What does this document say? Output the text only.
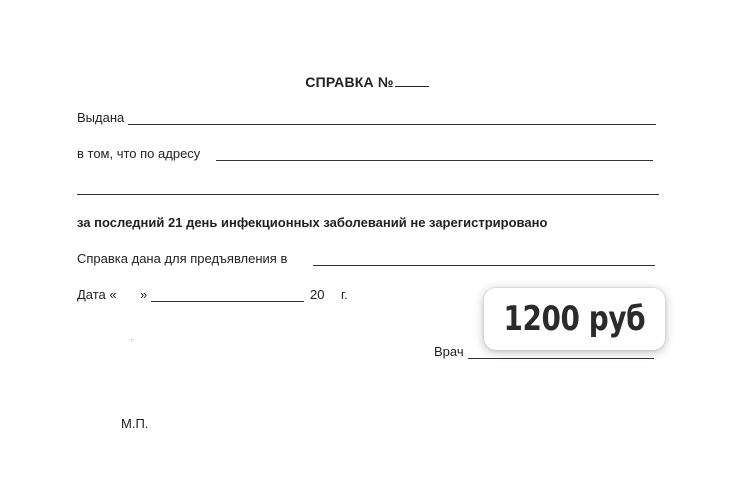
СПРАВКА №
Выдана
в том, что по адресу
за последний 21 день инфекционных заболеваний не зарегистрировано
Справка дана для предъявления в
Дата « »	20 г.
Врач
М.П.
1200 руб
